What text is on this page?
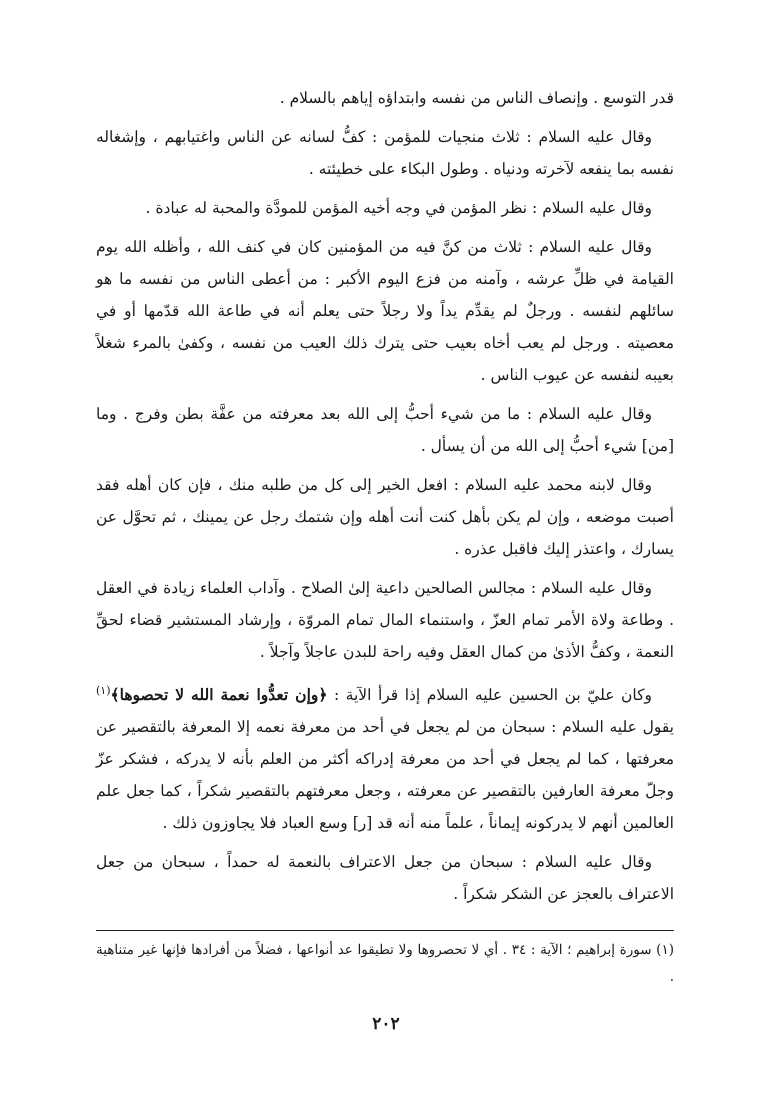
قدر التوسع . وإنصاف الناس من نفسه وابتداؤه إياهم بالسلام .

وقال عليه السلام : ثلاث منجيات للمؤمن : كفُّ لسانه عن الناس واغتيابهم ، وإشغاله نفسه بما ينفعه لآخرته ودنياه . وطول البكاء على خطيئته .

وقال عليه السلام : نظر المؤمن في وجه أخيه المؤمن للمودَّة والمحبة له عبادة .

وقال عليه السلام : ثلاث من كنَّ فيه من المؤمنين كان في كنف الله ، وأظله الله يوم القيامة في ظلِّ عرشه ، وآمنه من فزع اليوم الأكبر : من أعطى الناس من نفسه ما هو سائلهم لنفسه . ورجلٌ لم يقدِّم يداً ولا رجلاً حتى يعلم أنه في طاعة الله قدّمها أو في معصيته . ورجل لم يعب أخاه بعيب حتى يترك ذلك العيب من نفسه ، وكفىٰ بالمرء شغلاً بعيبه لنفسه عن عيوب الناس .

وقال عليه السلام : ما من شيء أحبُّ إلى الله بعد معرفته من عفَّة بطن وفرج . وما [من] شيء أحبُّ إلى الله من أن يسأل .

وقال لابنه محمد عليه السلام : افعل الخير إلى كل من طلبه منك ، فإن كان أهله فقد أصبت موضعه ، وإن لم يكن بأهل كنت أنت أهله وإن شتمك رجل عن يمينك ، ثم تحوَّل عن يسارك ، واعتذر إليك فاقبل عذره .

وقال عليه السلام : مجالس الصالحين داعية إلىٰ الصلاح . وآداب العلماء زيادة في العقل . وطاعة ولاة الأمر تمام العزّ ، واستنماء المال تمام المروّة ، وإرشاد المستشير قضاء لحقِّ النعمة ، وكفُّ الأذىٰ من كمال العقل وفيه راحة للبدن عاجلاً وآجلاً .

وكان عليّ بن الحسين عليه السلام إذا قرأ الآية : ﴿وإن تعدُّوا نعمة الله لا تحصوها﴾$^{(١)}$ يقول عليه السلام : سبحان من لم يجعل في أحد من معرفة نعمه إلا المعرفة بالتقصير عن معرفتها ، كما لم يجعل في أحد من معرفة إدراكه أكثر من العلم بأنه لا يدركه ، فشكر عزّ وجلّ معرفة العارفين بالتقصير عن معرفته ، وجعل معرفتهم بالتقصير شكراً ، كما جعل علم العالمين أنهم لا يدركونه إيماناً ، علماً منه أنه قد [ر] وسع العباد فلا يجاوزون ذلك .

وقال عليه السلام : سبحان من جعل الاعتراف بالنعمة له حمداً ، سبحان من جعل الاعتراف بالعجز عن الشكر شكراً .

(١) سورة إبراهيم ؛ الآية : ٣٤ . أي لا تحصروها ولا تطيقوا عد أنواعها ، فضلاً من أفرادها فإنها غير متناهية .

٢٠٢
